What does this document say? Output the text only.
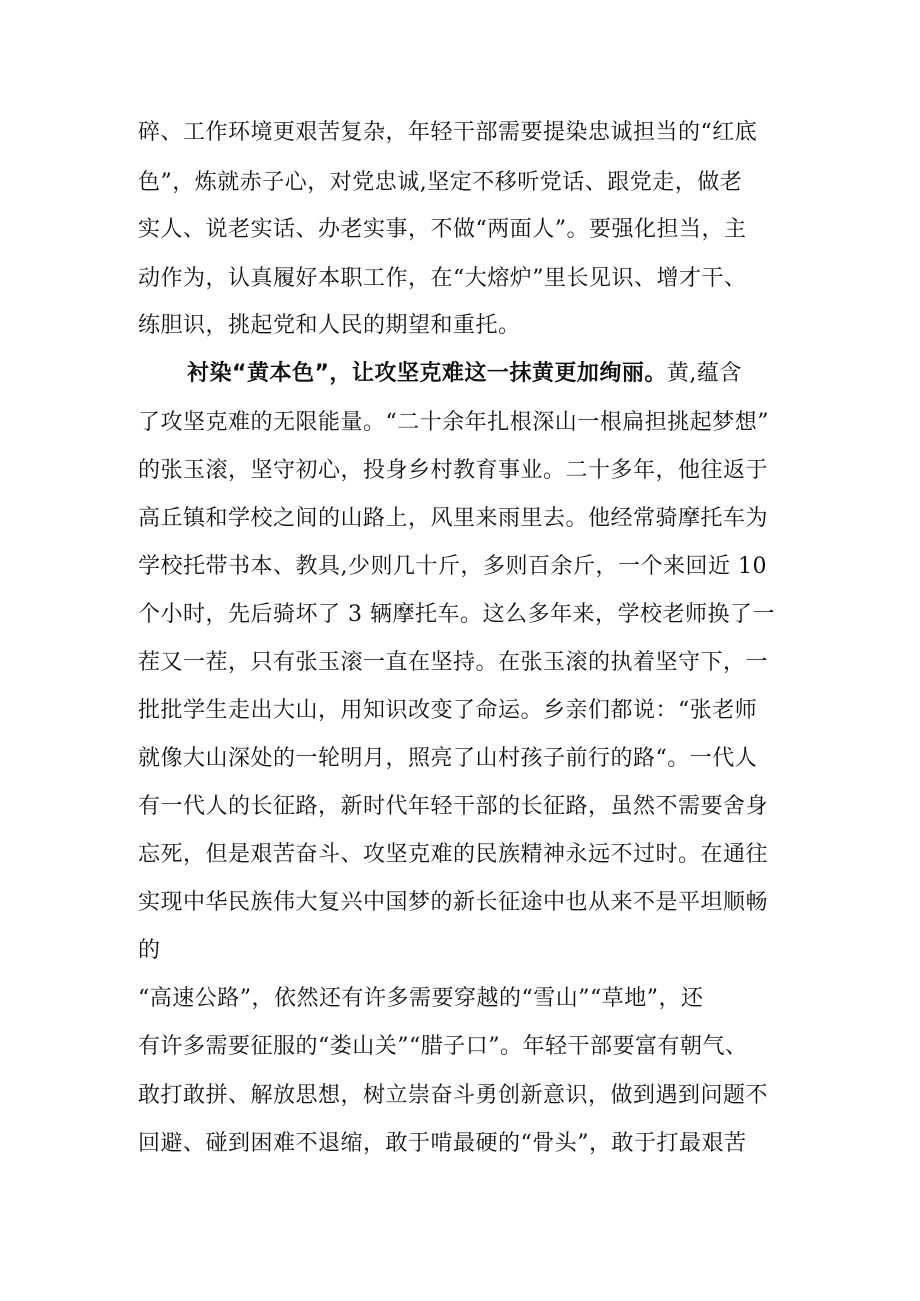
碎、工作环境更艰苦复杂，年轻干部需要提染忠诚担当的“红底

色”，炼就赤子心，对党忠诚,坚定不移听党话、跟党走，做老

实人、说老实话、办老实事，不做“两面人”。要强化担当，主

动作为，认真履好本职工作，在“大熔炉”里长见识、增才干、

练胆识，挑起党和人民的期望和重托。

衬染“黄本色”，让攻坚克难这一抹黄更加绚丽。黄,蕴含

了攻坚克难的无限能量。“二十余年扎根深山一根扁担挑起梦想”

的张玉滚，坚守初心，投身乡村教育事业。二十多年，他往返于

高丘镇和学校之间的山路上，风里来雨里去。他经常骑摩托车为

学校托带书本、教具,少则几十斤，多则百余斤，一个来回近 10

个小时，先后骑坏了 3 辆摩托车。这么多年来，学校老师换了一

茬又一茬，只有张玉滚一直在坚持。在张玉滚的执着坚守下，一

批批学生走出大山，用知识改变了命运。乡亲们都说：“张老师

就像大山深处的一轮明月，照亮了山村孩子前行的路“。一代人

有一代人的长征路，新时代年轻干部的长征路，虽然不需要舍身

忘死，但是艰苦奋斗、攻坚克难的民族精神永远不过时。在通往

实现中华民族伟大复兴中国梦的新长征途中也从来不是平坦顺畅

的

“高速公路”，依然还有许多需要穿越的“雪山”“草地”，还

有许多需要征服的“娄山关”“腊子口”。年轻干部要富有朝气、

敢打敢拼、解放思想，树立崇奋斗勇创新意识，做到遇到问题不

回避、碰到困难不退缩，敢于啃最硬的“骨头”，敢于打最艰苦
